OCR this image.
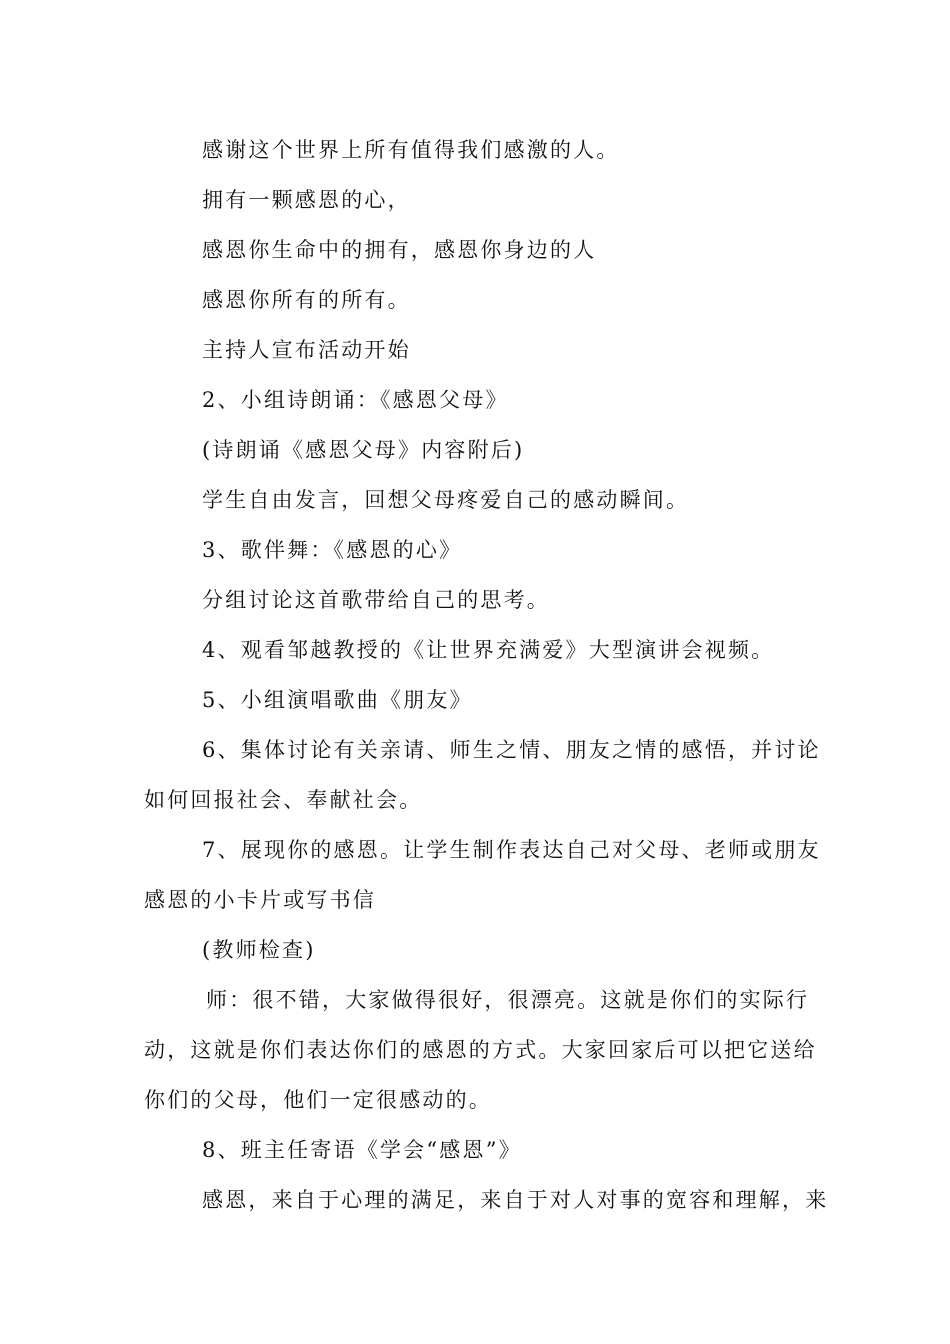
感谢这个世界上所有值得我们感激的人。
拥有一颗感恩的心，
感恩你生命中的拥有，感恩你身边的人
感恩你所有的所有。
主持人宣布活动开始
2、小组诗朗诵：《感恩父母》
(诗朗诵《感恩父母》内容附后)
学生自由发言，回想父母疼爱自己的感动瞬间。
3、歌伴舞：《感恩的心》
分组讨论这首歌带给自己的思考。
4、观看邹越教授的《让世界充满爱》大型演讲会视频。
5、小组演唱歌曲《朋友》
6、集体讨论有关亲请、师生之情、朋友之情的感悟，并讨论
如何回报社会、奉献社会。
7、展现你的感恩。让学生制作表达自己对父母、老师或朋友
感恩的小卡片或写书信
(教师检查)
师：很不错，大家做得很好，很漂亮。这就是你们的实际行
动，这就是你们表达你们的感恩的方式。大家回家后可以把它送给
你们的父母，他们一定很感动的。
8、班主任寄语《学会“感恩”》
感恩，来自于心理的满足，来自于对人对事的宽容和理解，来
